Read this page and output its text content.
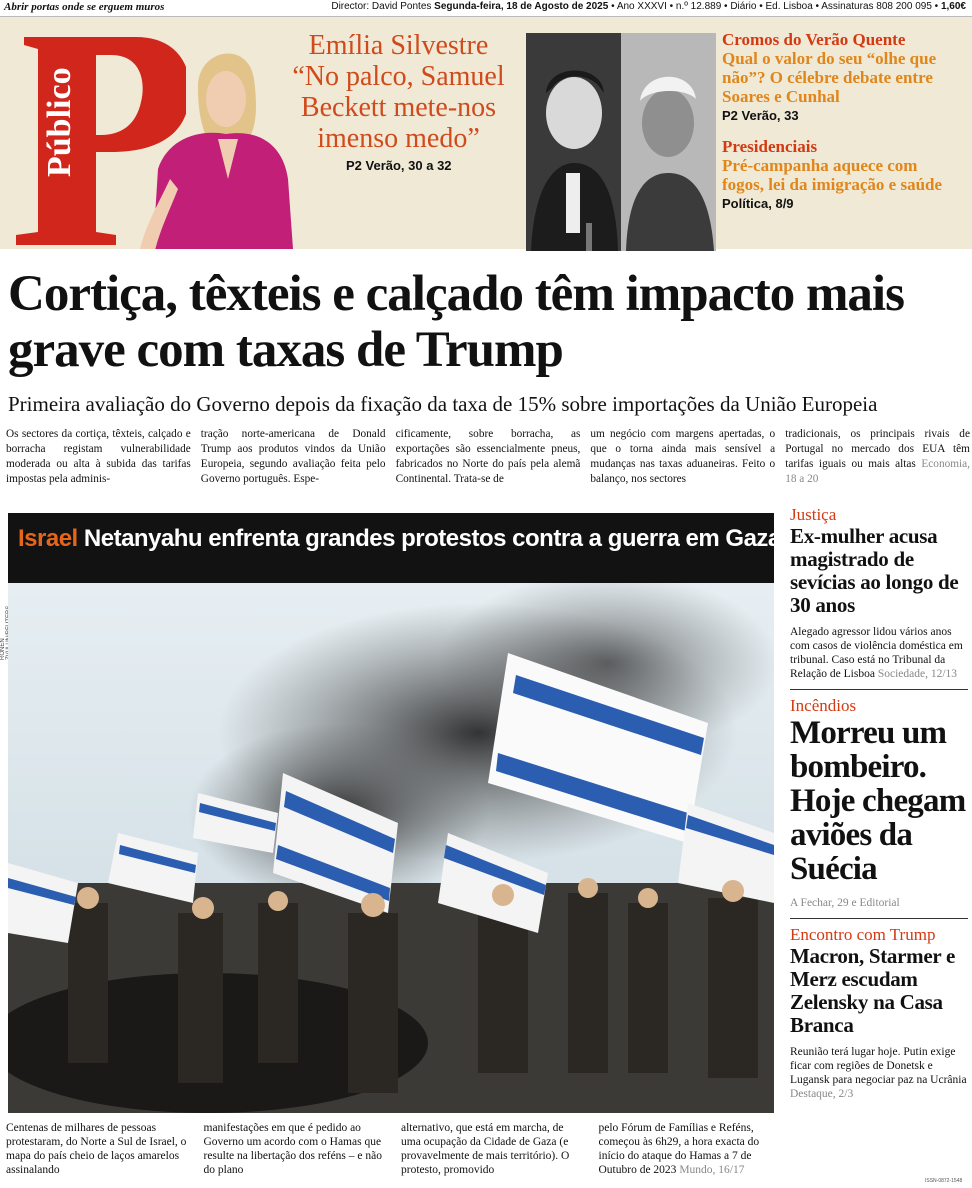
Abrir portas onde se erguem muros	Director: David Pontes Segunda-feira, 18 de Agosto de 2025 • Ano XXXVI • n.º 12.889 • Diário • Ed. Lisboa • Assinaturas 808 200 095 • 1,60€
Público
Emília Silvestre
“No palco, Samuel Beckett mete-nos imenso medo”
P2 Verão, 30 a 32
Cromos do Verão Quente
Qual o valor do seu “olhe que não”? O célebre debate entre Soares e Cunhal
P2 Verão, 33
Presidenciais
Pré-campanha aquece com fogos, lei da imigração e saúde
Política, 8/9
Cortiça, têxteis e calçado têm impacto mais grave com taxas de Trump
Primeira avaliação do Governo depois da fixação da taxa de 15% sobre importações da União Europeia
Os sectores da cortiça, têxteis, calçado e borracha registam vulnerabilidade moderada ou alta à subida das tarifas impostas pela adminis-
tração norte-americana de Donald Trump aos produtos vindos da União Europeia, segundo avaliação feita pelo Governo português. Espe-
cificamente, sobre borracha, as exportações são essencialmente pneus, fabricados no Norte do país pela alemã Continental. Trata-se de
um negócio com margens apertadas, o que o torna ainda mais sensível a mudanças nas taxas aduaneiras. Feito o balanço, nos sectores
tradicionais, os principais rivais de Portugal no mercado dos EUA têm tarifas iguais ou mais altas Economia, 18 a 20
Israel Netanyahu enfrenta grandes protestos contra a guerra em Gaza
RONEN
Centenas de milhares de pessoas protestaram, do Norte a Sul de Israel, o mapa do país cheio de laços amarelos assinalando
manifestações em que é pedido ao Governo um acordo com o Hamas que resulte na libertação dos reféns – e não do plano
alternativo, que está em marcha, de uma ocupação da Cidade de Gaza (e provavelmente de mais território). O protesto, promovido
pelo Fórum de Famílias e Reféns, começou às 6h29, a hora exacta do início do ataque do Hamas a 7 de Outubro de 2023 Mundo, 16/17
Justiça
Ex-mulher acusa magistrado de sevícias ao longo de 30 anos
Alegado agressor lidou vários anos com casos de violência doméstica em tribunal. Caso está no Tribunal da Relação de Lisboa Sociedade, 12/13
Incêndios
Morreu um bombeiro. Hoje chegam aviões da Suécia
A Fechar, 29 e Editorial
Encontro com Trump
Macron, Starmer e Merz escudam Zelensky na Casa Branca
Reunião terá lugar hoje. Putin exige ficar com regiões de Donetsk e Lugansk para negociar paz na Ucrânia Destaque, 2/3
ISSN-0872-1548
